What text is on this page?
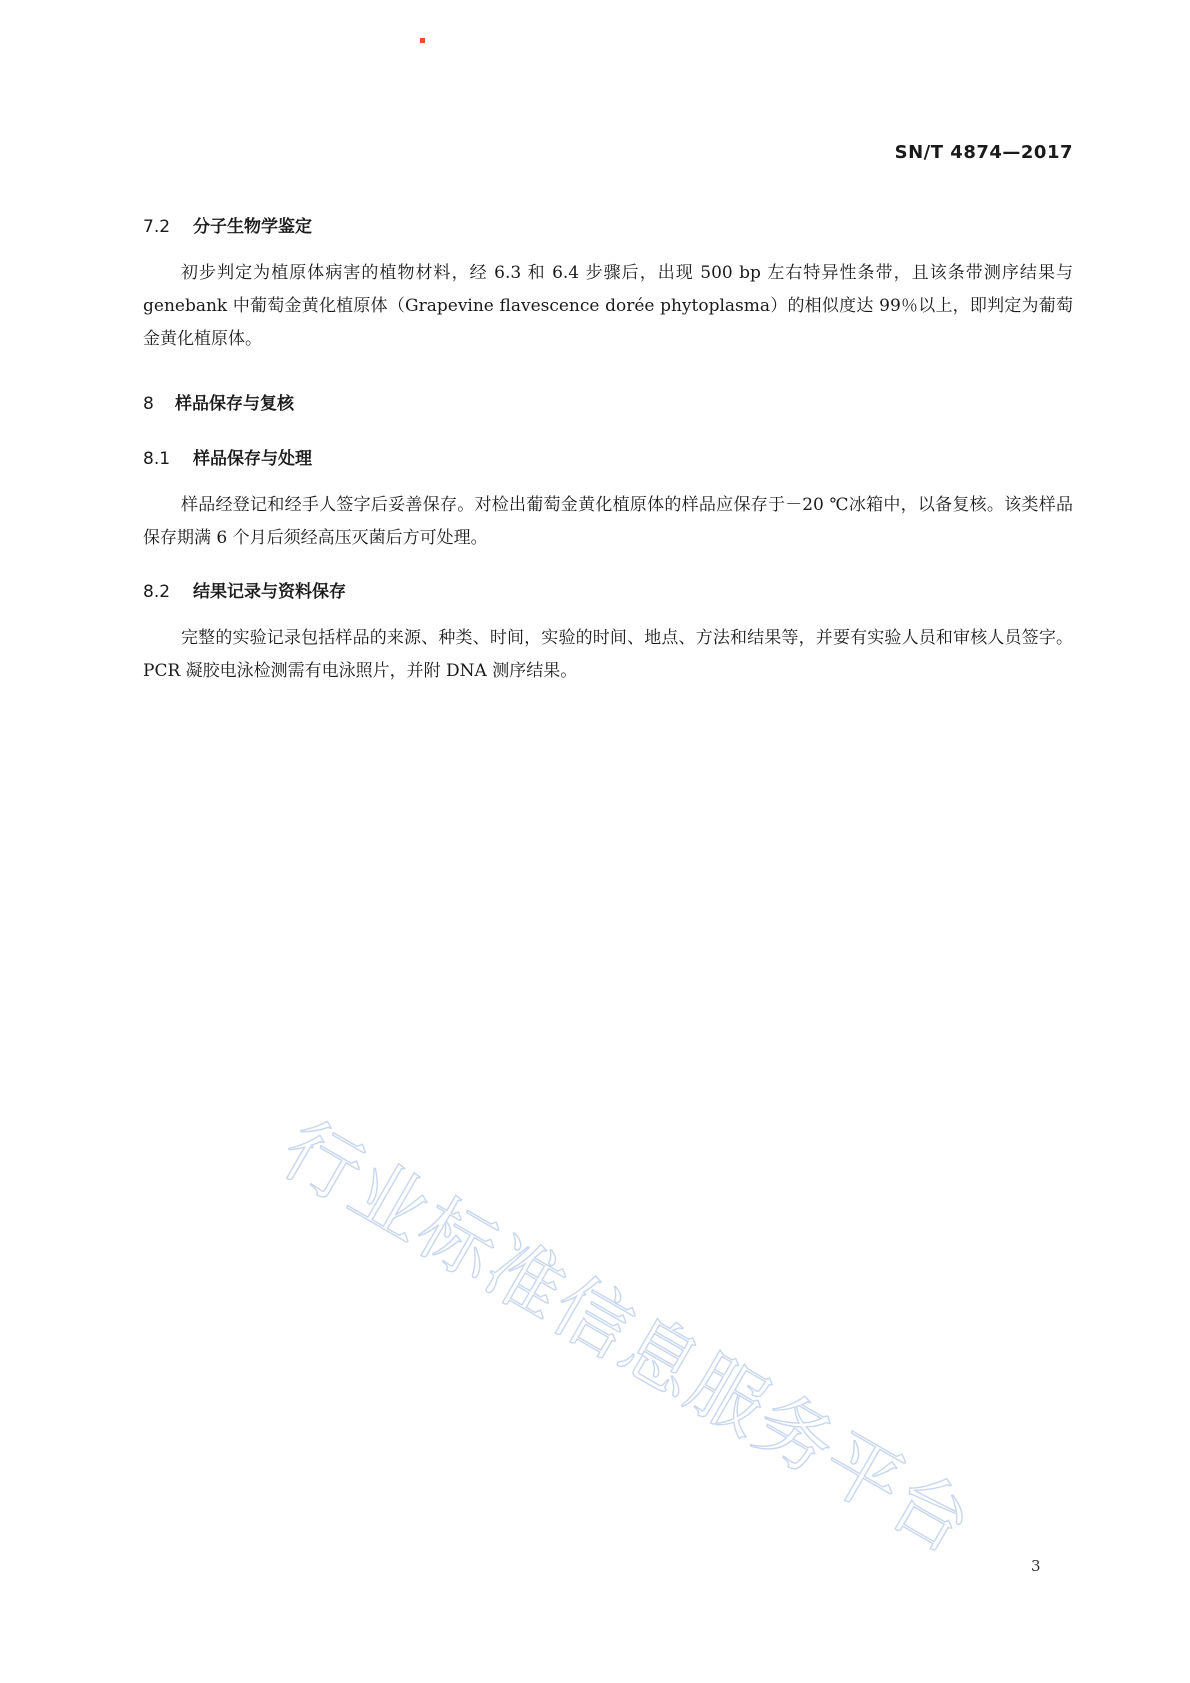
SN/T 4874—2017
7.2 分子生物学鉴定

初步判定为植原体病害的植物材料，经 6.3 和 6.4 步骤后，出现 500 bp 左右特异性条带，且该条带测序结果与 genebank 中葡萄金黄化植原体（Grapevine flavescence dorée phytoplasma）的相似度达 99％以上，即判定为葡萄金黄化植原体。

8 样品保存与复核
8.1 样品保存与处理

样品经登记和经手人签字后妥善保存。对检出葡萄金黄化植原体的样品应保存于－20 ℃冰箱中，以备复核。该类样品保存期满 6 个月后须经高压灭菌后方可处理。

8.2 结果记录与资料保存

完整的实验记录包括样品的来源、种类、时间，实验的时间、地点、方法和结果等，并要有实验人员和审核人员签字。PCR 凝胶电泳检测需有电泳照片，并附 DNA 测序结果。

行业标准信息服务平台	3
